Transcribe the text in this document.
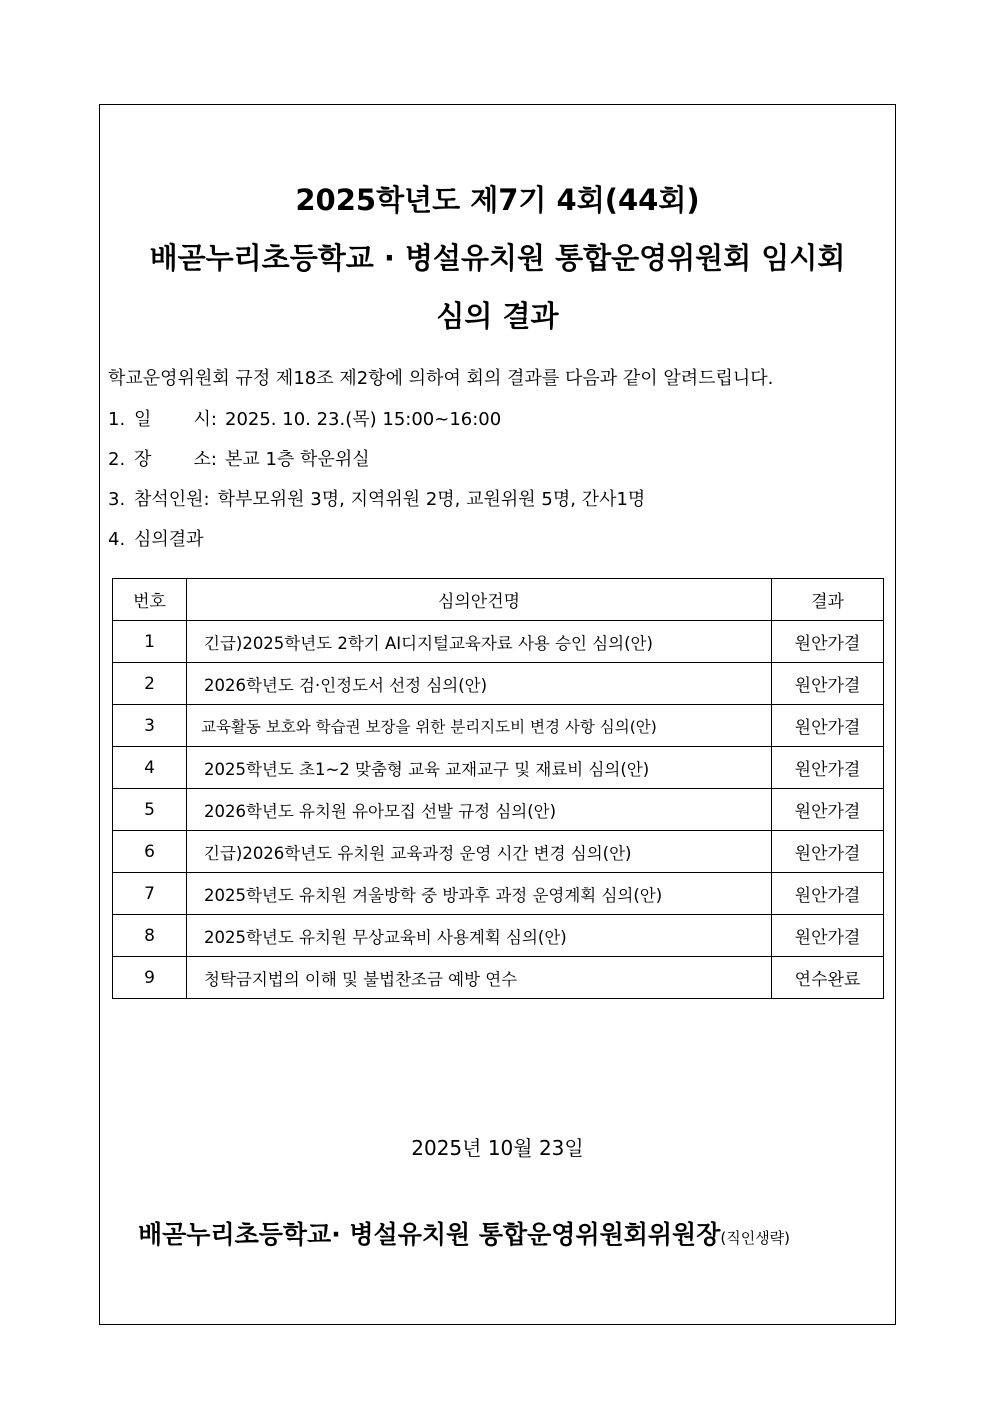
2025학년도 제7기 4회(44회)
배곧누리초등학교 · 병설유치원 통합운영위원회 임시회
심의 결과
학교운영위원회 규정 제18조 제2항에 의하여 회의 결과를 다음과 같이 알려드립니다.
1. 일 시: 2025. 10. 23.(목) 15:00~16:00
2. 장 소: 본교 1층 학운위실
3. 참석인원: 학부모위원 3명, 지역위원 2명, 교원위원 5명, 간사1명
4. 심의결과
번호	심의안건명	결과
1	긴급)2025학년도 2학기 AI디지털교육자료 사용 승인 심의(안)	원안가결
2	2026학년도 검·인정도서 선정 심의(안)	원안가결
3	교육활동 보호와 학습권 보장을 위한 분리지도비 변경 사항 심의(안)	원안가결
4	2025학년도 초1~2 맞춤형 교육 교재교구 및 재료비 심의(안)	원안가결
5	2026학년도 유치원 유아모집 선발 규정 심의(안)	원안가결
6	긴급)2026학년도 유치원 교육과정 운영 시간 변경 심의(안)	원안가결
7	2025학년도 유치원 겨울방학 중 방과후 과정 운영계획 심의(안)	원안가결
8	2025학년도 유치원 무상교육비 사용계획 심의(안)	원안가결
9	청탁금지법의 이해 및 불법찬조금 예방 연수	연수완료
2025년 10월 23일
배곧누리초등학교· 병설유치원 통합운영위원회위원장(직인생략)
